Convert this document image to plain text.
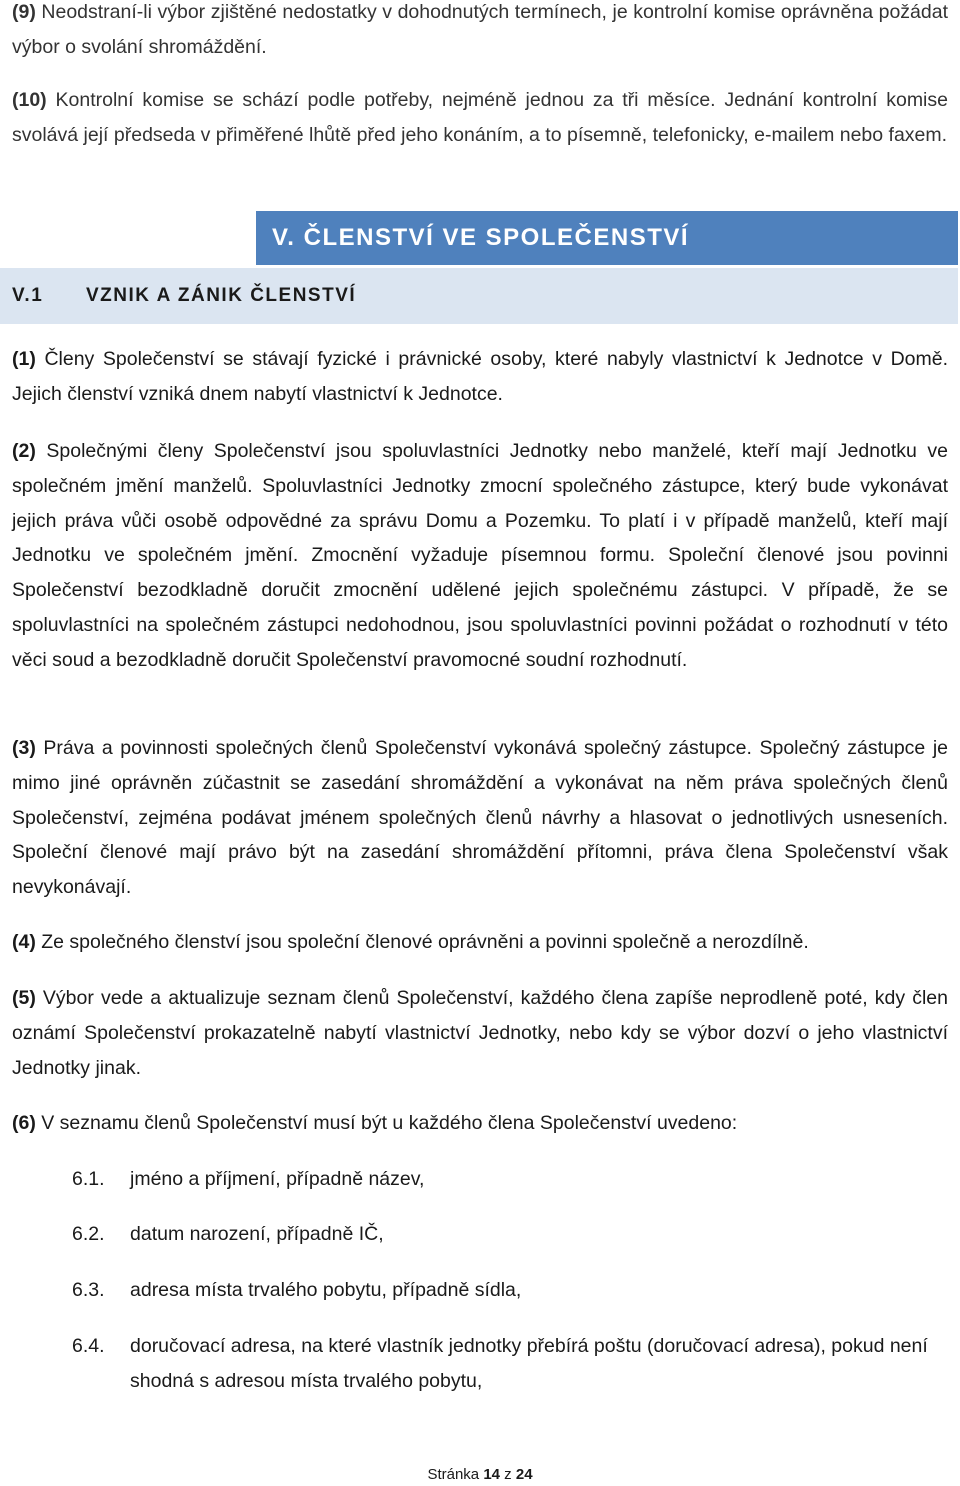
(9) Neodstraní-li výbor zjištěné nedostatky v dohodnutých termínech, je kontrolní komise oprávněna požádat výbor o svolání shromáždění.

(10) Kontrolní komise se schází podle potřeby, nejméně jednou za tři měsíce. Jednání kontrolní komise svolává její předseda v přiměřené lhůtě před jeho konáním, a to písemně, telefonicky, e-mailem nebo faxem.

V. ČLENSTVÍ VE SPOLEČENSTVÍ
V.1	VZNIK A ZÁNIK ČLENSTVÍ

(1) Členy Společenství se stávají fyzické i právnické osoby, které nabyly vlastnictví k Jednotce v Domě. Jejich členství vzniká dnem nabytí vlastnictví k Jednotce.

(2) Společnými členy Společenství jsou spoluvlastníci Jednotky nebo manželé, kteří mají Jednotku ve společném jmění manželů. Spoluvlastníci Jednotky zmocní společného zástupce, který bude vykonávat jejich práva vůči osobě odpovědné za správu Domu a Pozemku. To platí i v případě manželů, kteří mají Jednotku ve společném jmění. Zmocnění vyžaduje písemnou formu. Společní členové jsou povinni Společenství bezodkladně doručit zmocnění udělené jejich společnému zástupci. V případě, že se spoluvlastníci na společném zástupci nedohodnou, jsou spoluvlastníci povinni požádat o rozhodnutí v této věci soud a bezodkladně doručit Společenství pravomocné soudní rozhodnutí.

(3) Práva a povinnosti společných členů Společenství vykonává společný zástupce. Společný zástupce je mimo jiné oprávněn zúčastnit se zasedání shromáždění a vykonávat na něm práva společných členů Společenství, zejména podávat jménem společných členů návrhy a hlasovat o jednotlivých usneseních. Společní členové mají právo být na zasedání shromáždění přítomni, práva člena Společenství však nevykonávají.

(4) Ze společného členství jsou společní členové oprávněni a povinni společně a nerozdílně.

(5) Výbor vede a aktualizuje seznam členů Společenství, každého člena zapíše neprodleně poté, kdy člen oznámí Společenství prokazatelně nabytí vlastnictví Jednotky, nebo kdy se výbor dozví o jeho vlastnictví Jednotky jinak.

(6) V seznamu členů Společenství musí být u každého člena Společenství uvedeno:

6.1.	jméno a příjmení, případně název,
6.2.	datum narození, případně IČ,
6.3.	adresa místa trvalého pobytu, případně sídla,
6.4.	doručovací adresa, na které vlastník jednotky přebírá poštu (doručovací adresa), pokud není shodná s adresou místa trvalého pobytu,
Stránka 14 z 24
